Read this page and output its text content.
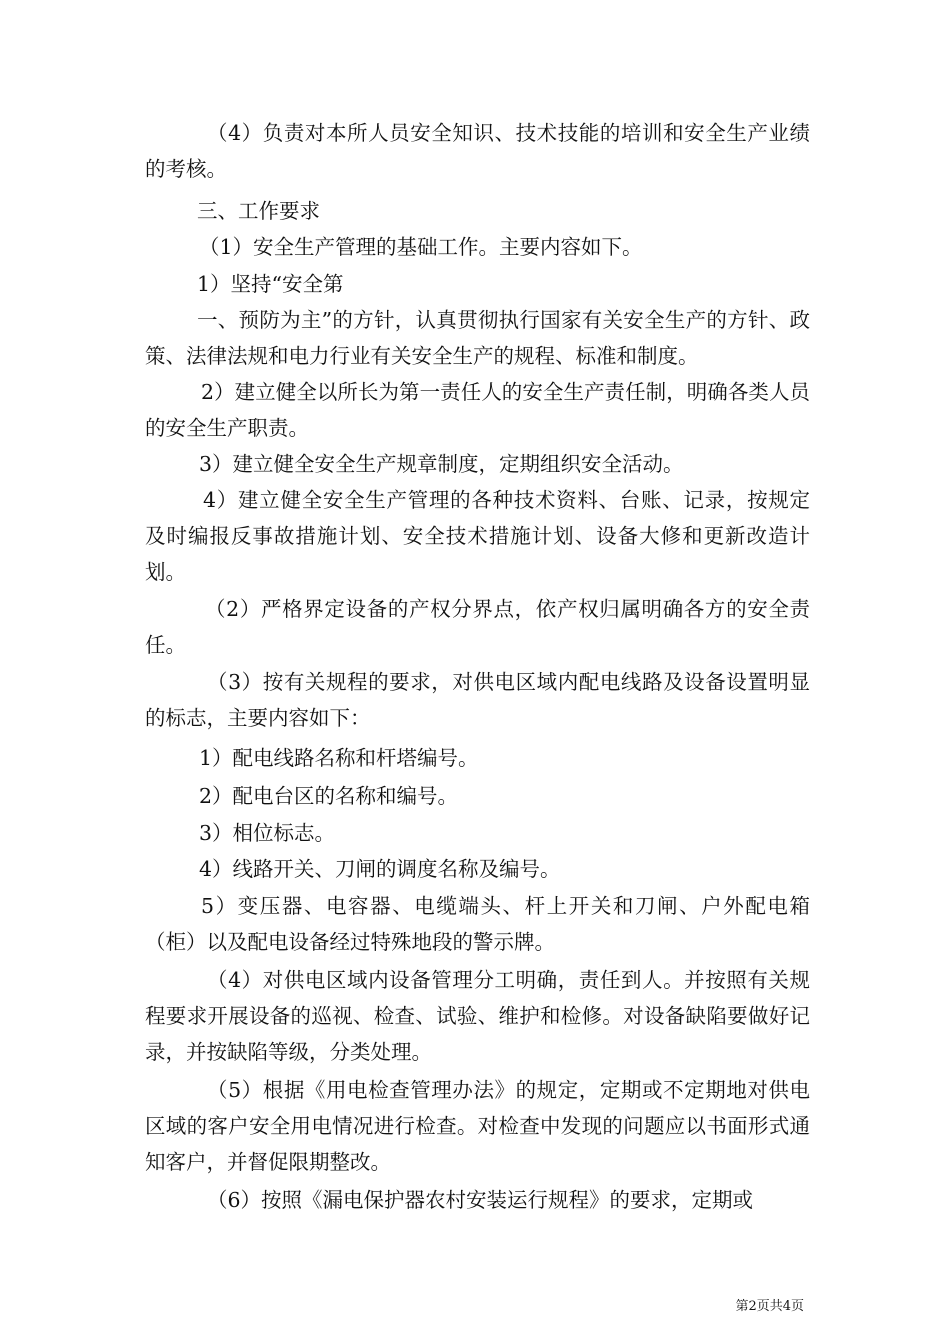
（4）负责对本所人员安全知识、技术技能的培训和安全生产业绩的考核。

三、工作要求

（1）安全生产管理的基础工作。主要内容如下。

1）坚持“安全第

一、预防为主”的方针，认真贯彻执行国家有关安全生产的方针、政策、法律法规和电力行业有关安全生产的规程、标准和制度。

2）建立健全以所长为第一责任人的安全生产责任制，明确各类人员的安全生产职责。

3）建立健全安全生产规章制度，定期组织安全活动。

4）建立健全安全生产管理的各种技术资料、台账、记录，按规定及时编报反事故措施计划、安全技术措施计划、设备大修和更新改造计划。

（2）严格界定设备的产权分界点，依产权归属明确各方的安全责任。

（3）按有关规程的要求，对供电区域内配电线路及设备设置明显的标志，主要内容如下：

1）配电线路名称和杆塔编号。

2）配电台区的名称和编号。

3）相位标志。

4）线路开关、刀闸的调度名称及编号。

5）变压器、电容器、电缆端头、杆上开关和刀闸、户外配电箱（柜）以及配电设备经过特殊地段的警示牌。

（4）对供电区域内设备管理分工明确，责任到人。并按照有关规程要求开展设备的巡视、检查、试验、维护和检修。对设备缺陷要做好记录，并按缺陷等级，分类处理。

（5）根据《用电检查管理办法》的规定，定期或不定期地对供电区域的客户安全用电情况进行检查。对检查中发现的问题应以书面形式通知客户，并督促限期整改。

（6）按照《漏电保护器农村安装运行规程》的要求，定期或

第2页共4页
